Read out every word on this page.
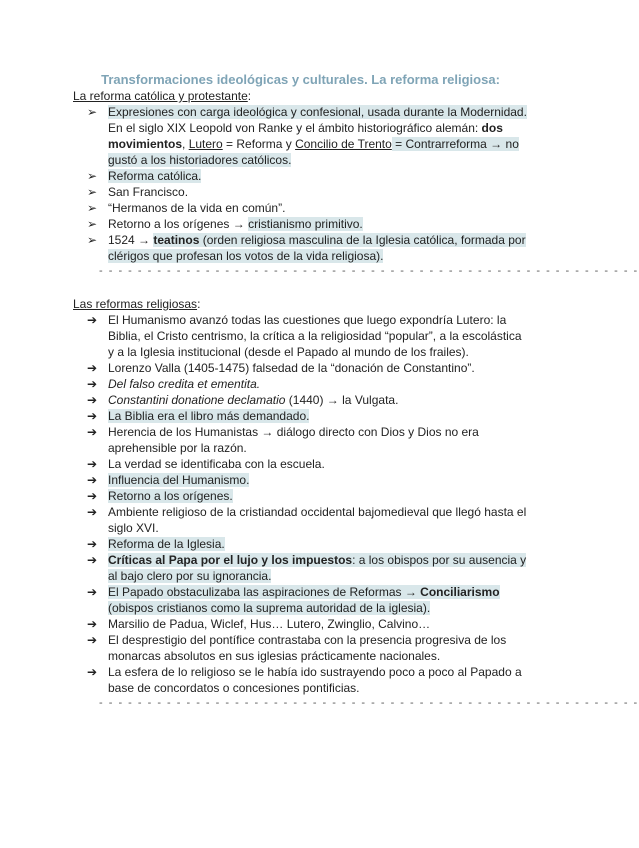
Transformaciones ideológicas y culturales. La reforma religiosa:

La reforma católica y protestante:

➢ Expresiones con carga ideológica y confesional, usada durante la Modernidad. En el siglo XIX Leopold von Ranke y el ámbito historiográfico alemán: dos movimientos, Lutero = Reforma y Concilio de Trento = Contrarreforma → no gustó a los historiadores católicos.
➢ Reforma católica.
➢ San Francisco.
➢ “Hermanos de la vida en común”.
➢ Retorno a los orígenes → cristianismo primitivo.
➢ 1524 → teatinos (orden religiosa masculina de la Iglesia católica, formada por clérigos que profesan los votos de la vida religiosa).
- - - - - - - - - - - - - - - - - - - - - - - - - - - - - - - - - - - - - - - - - - - - - - - - - - - - - - - -

Las reformas religiosas:

➔ El Humanismo avanzó todas las cuestiones que luego expondría Lutero: la Biblia, el Cristo centrismo, la crítica a la religiosidad “popular”, a la escolástica y a la Iglesia institucional (desde el Papado al mundo de los frailes).
➔ Lorenzo Valla (1405-1475) falsedad de la “donación de Constantino”.
➔ Del falso credita et ementita.
➔ Constantini donatione declamatio (1440) → la Vulgata.
➔ La Biblia era el libro más demandado.
➔ Herencia de los Humanistas → diálogo directo con Dios y Dios no era aprehensible por la razón.
➔ La verdad se identificaba con la escuela.
➔ Influencia del Humanismo.
➔ Retorno a los orígenes.
➔ Ambiente religioso de la cristiandad occidental bajomedieval que llegó hasta el siglo XVI.
➔ Reforma de la Iglesia.
➔ Críticas al Papa por el lujo y los impuestos: a los obispos por su ausencia y al bajo clero por su ignorancia.
➔ El Papado obstaculizaba las aspiraciones de Reformas → Conciliarismo (obispos cristianos como la suprema autoridad de la iglesia).
➔ Marsilio de Padua, Wiclef, Hus… Lutero, Zwinglio, Calvino…
➔ El desprestigio del pontífice contrastaba con la presencia progresiva de los monarcas absolutos en sus iglesias prácticamente nacionales.
➔ La esfera de lo religioso se le había ido sustrayendo poco a poco al Papado a base de concordatos o concesiones pontificias.
- - - - - - - - - - - - - - - - - - - - - - - - - - - - - - - - - - - - - - - - - - - - - - - - - - - - - - - -
